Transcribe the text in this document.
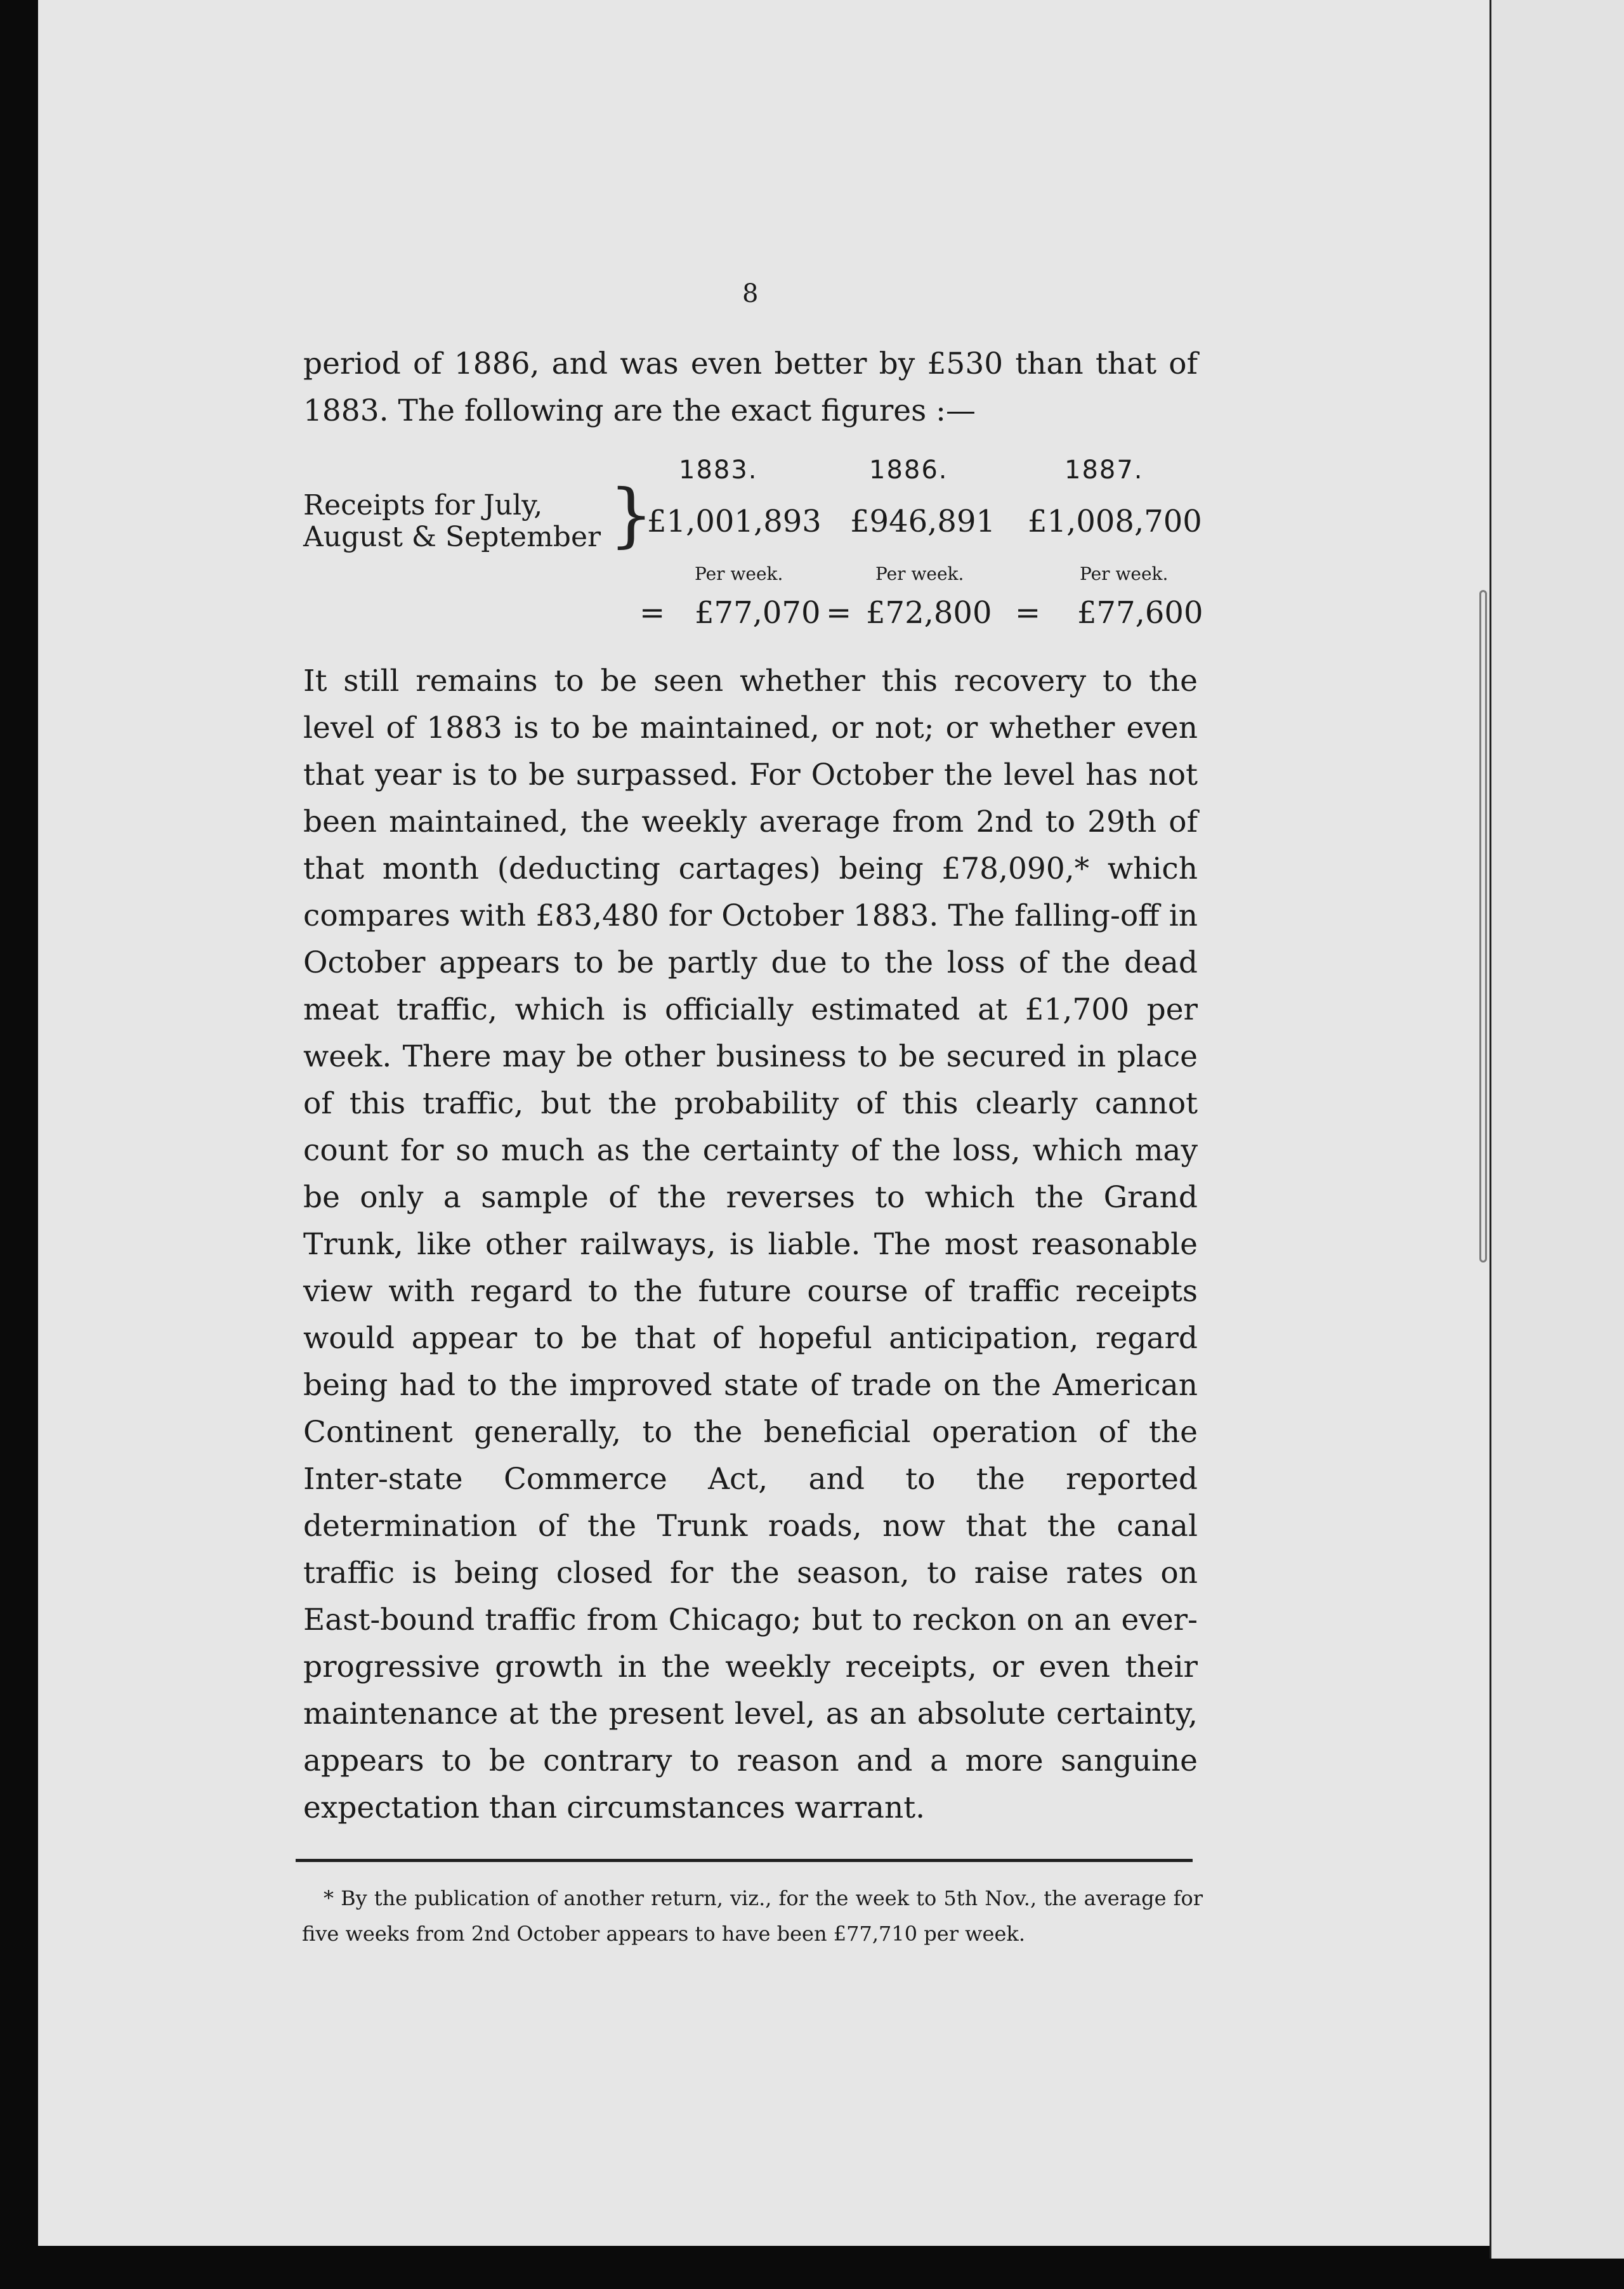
8

period of 1886, and was even better by £530 than that of 1883. The following are the exact figures :—

1883.	1886.	1887.
Receipts for July,
August & September }
£1,001,893 £946,891 £1,008,700
Per week.	Per week.	Per week.
= £77,070 = £72,800 = £77,600

It still remains to be seen whether this recovery to the level of 1883 is to be maintained, or not; or whether even that year is to be surpassed. For October the level has not been maintained, the weekly average from 2nd to 29th of that month (deducting cartages) being £78,090,* which compares with £83,480 for October 1883. The falling-off in October appears to be partly due to the loss of the dead meat traffic, which is officially estimated at £1,700 per week. There may be other business to be secured in place of this traffic, but the probability of this clearly cannot count for so much as the certainty of the loss, which may be only a sample of the reverses to which the Grand Trunk, like other railways, is liable. The most reasonable view with regard to the future course of traffic receipts would appear to be that of hopeful anticipation, regard being had to the improved state of trade on the American Continent generally, to the beneficial operation of the Inter-state Commerce Act, and to the reported determination of the Trunk roads, now that the canal traffic is being closed for the season, to raise rates on East-bound traffic from Chicago; but to reckon on an ever-progressive growth in the weekly receipts, or even their maintenance at the present level, as an absolute certainty, appears to be contrary to reason and a more sanguine expectation than circumstances warrant.

* By the publication of another return, viz., for the week to 5th Nov., the average for five weeks from 2nd October appears to have been £77,710 per week.
